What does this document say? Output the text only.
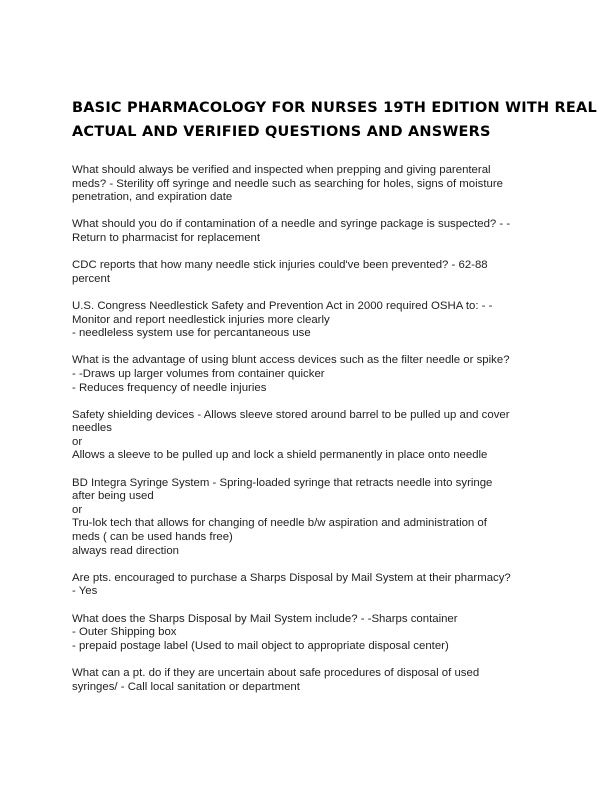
BASIC PHARMACOLOGY FOR NURSES 19TH EDITION WITH REAL
ACTUAL AND VERIFIED QUESTIONS AND ANSWERS
What should always be verified and inspected when prepping and giving parenteral
meds? - Sterility off syringe and needle such as searching for holes, signs of moisture
penetration, and expiration date
What should you do if contamination of a needle and syringe package is suspected? - -
Return to pharmacist for replacement
CDC reports that how many needle stick injuries could've been prevented? - 62-88
percent
U.S. Congress Needlestick Safety and Prevention Act in 2000 required OSHA to: - -
Monitor and report needlestick injuries more clearly
- needleless system use for percantaneous use
What is the advantage of using blunt access devices such as the filter needle or spike?
- -Draws up larger volumes from container quicker
- Reduces frequency of needle injuries
Safety shielding devices - Allows sleeve stored around barrel to be pulled up and cover
needles
or
Allows a sleeve to be pulled up and lock a shield permanently in place onto needle
BD Integra Syringe System - Spring-loaded syringe that retracts needle into syringe
after being used
or
Tru-lok tech that allows for changing of needle b/w aspiration and administration of
meds ( can be used hands free)
always read direction
Are pts. encouraged to purchase a Sharps Disposal by Mail System at their pharmacy?
- Yes
What does the Sharps Disposal by Mail System include? - -Sharps container
- Outer Shipping box
- prepaid postage label (Used to mail object to appropriate disposal center)
What can a pt. do if they are uncertain about safe procedures of disposal of used
syringes/ - Call local sanitation or department
